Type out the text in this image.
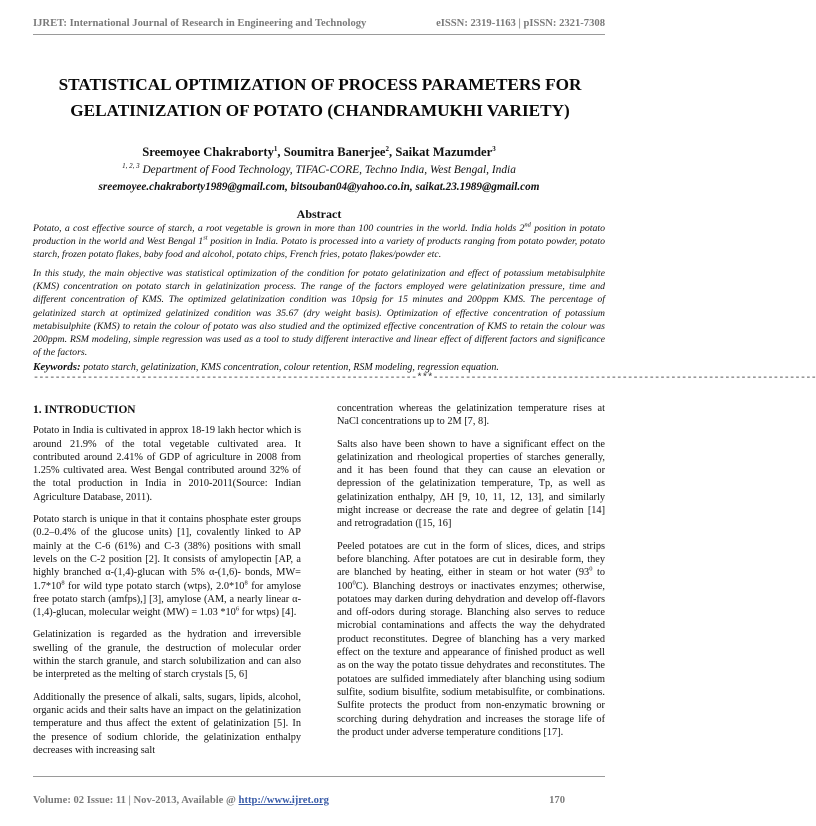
IJRET: International Journal of Research in Engineering and Technology	eISSN: 2319-1163 | pISSN: 2321-7308
STATISTICAL OPTIMIZATION OF PROCESS PARAMETERS FOR
GELATINIZATION OF POTATO (CHANDRAMUKHI VARIETY)
Sreemoyee Chakraborty$^1$, Soumitra Banerjee$^2$, Saikat Mazumder$^3$
$^{1, 2, 3}$ Department of Food Technology, TIFAC-CORE, Techno India, West Bengal, India
sreemoyee.chakraborty1989@gmail.com, bitsouban04@yahoo.co.in, saikat.23.1989@gmail.com
Abstract

Potato, a cost effective source of starch, a root vegetable is grown in more than 100 countries in the world. India holds 2nd position in potato production in the world and West Bengal 1st position in India. Potato is processed into a variety of products ranging from potato powder, potato starch, frozen potato flakes, baby food and alcohol, potato chips, French fries, potato flakes/powder etc.

In this study, the main objective was statistical optimization of the condition for potato gelatinization and effect of potassium metabisulphite (KMS) concentration on potato starch in gelatinization process. The range of the factors employed were gelatinization pressure, time and different concentration of KMS. The optimized gelatinization condition was 10psig for 15 minutes and 200ppm KMS. The percentage of gelatinized starch at optimized gelatinized condition was 35.67 (dry weight basis). Optimization of effective concentration of potassium metabisulphite (KMS) to retain the colour of potato was also studied and the optimized effective concentration of KMS to retain the colour was 200ppm. RSM modeling, simple regression was used as a tool to study different interactive and linear effect of different factors and significance of the factors.

Keywords: potato starch, gelatinization, KMS concentration, colour retention, RSM modeling, regression equation.
-----------------------------------------------------------------------***-----------------------------------------------------------------------
1. INTRODUCTION

Potato in India is cultivated in approx 18-19 lakh hector which is around 21.9% of the total vegetable cultivated area. It contributed around 2.41% of GDP of agriculture in 2008 from 1.25% cultivated area. West Bengal contributed around 32% of the total production in India in 2010-2011(Source: Indian Agriculture Database, 2011).

Potato starch is unique in that it contains phosphate ester groups (0.2–0.4% of the glucose units) [1], covalently linked to AP mainly at the C-6 (61%) and C-3 (38%) positions with small levels on the C-2 position [2]. It consists of amylopectin [AP, a highly branched α-(1,4)-glucan with 5% α-(1,6)- bonds, $MW= 1.7*10^8$ for wild type potato starch (wtps), $2.0*10^8$ for amylose free potato starch (amfps),] [3], amylose (AM, a nearly linear α-(1,4)-glucan, molecular weight (MW) = 1.03 $*10^6$ for wtps) [4].

Gelatinization is regarded as the hydration and irreversible swelling of the granule, the destruction of molecular order within the starch granule, and starch solubilization and can also be interpreted as the melting of starch crystals [5, 6]

Additionally the presence of alkali, salts, sugars, lipids, alcohol, organic acids and their salts have an impact on the gelatinization temperature and thus affect the extent of gelatinization [5]. In the presence of sodium chloride, the gelatinization enthalpy decreases with increasing salt

concentration whereas the gelatinization temperature rises at NaCl concentrations up to 2M [7, 8].

Salts also have been shown to have a significant effect on the gelatinization and rheological properties of starches generally, and it has been found that they can cause an elevation or depression of the gelatinization temperature, Tp, as well as gelatinization enthalpy, ΔH [9, 10, 11, 12, 13], and similarly might increase or decrease the rate and degree of gelatin [14] and retrogradation ([15, 16]

Peeled potatoes are cut in the form of slices, dices, and strips before blanching. After potatoes are cut in desirable form, they are blanched by heating, either in steam or hot water ($93^0$ to $100^0C$). Blanching destroys or inactivates enzymes; otherwise, potatoes may darken during dehydration and develop off-flavors and off-odors during storage. Blanching also serves to reduce microbial contaminations and affects the way the dehydrated product reconstitutes. Degree of blanching has a very marked effect on the texture and appearance of finished product as well as on the way the potato tissue dehydrates and reconstitutes. The potatoes are sulfided immediately after blanching using sodium sulfite, sodium bisulfite, sodium metabisulfite, or combinations. Sulfite protects the product from non-enzymatic browning or scorching during dehydration and increases the storage life of the product under adverse temperature conditions [17].

Volume: 02 Issue: 11 | Nov-2013, Available @ http://www.ijret.org	170
